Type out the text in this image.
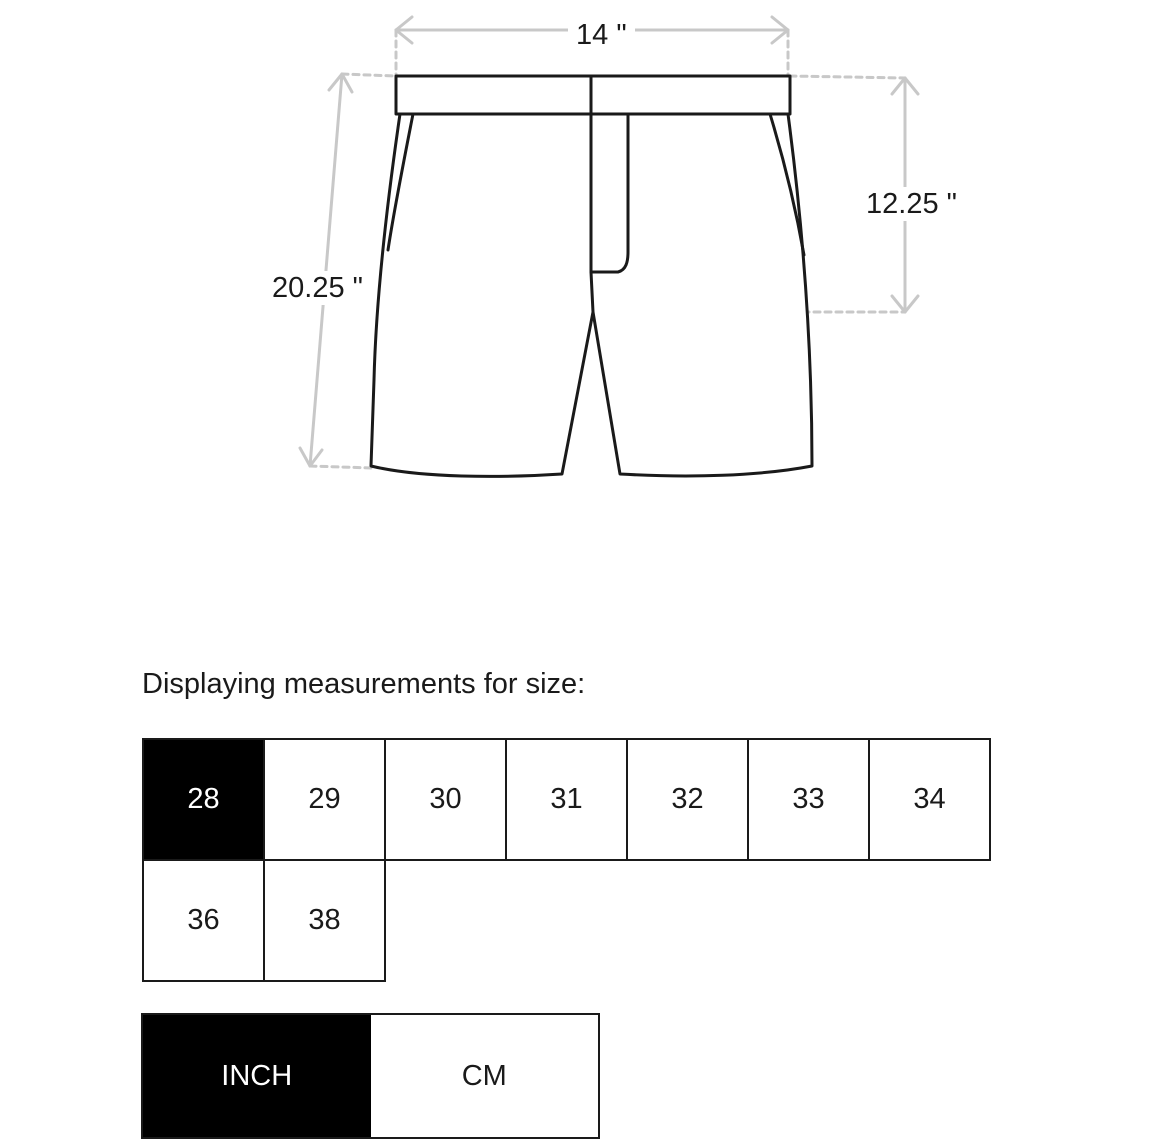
14 "
12.25 "
20.25 "
Displaying measurements for size:
28	29	30	31	32	33	34
36	38
INCH	CM
